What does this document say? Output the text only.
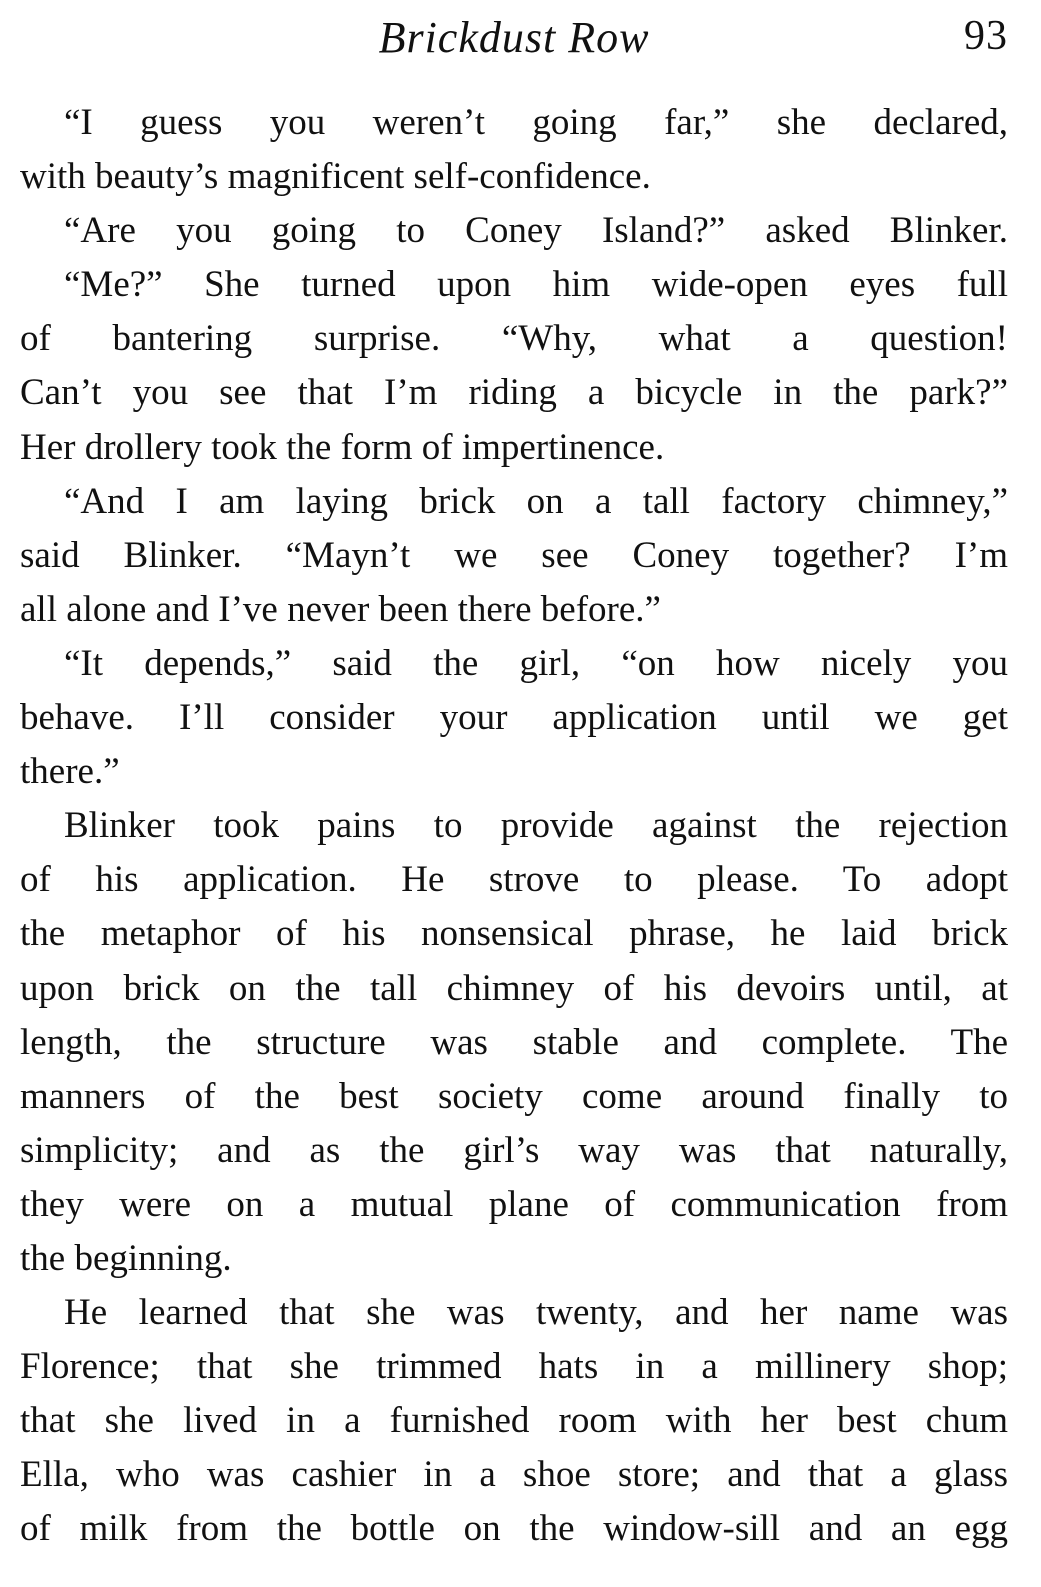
Brickdust Row	93
“I guess you weren’t going far,” she declared,
with beauty’s magnificent self-confidence.
“Are you going to Coney Island?” asked Blinker.
“Me?” She turned upon him wide-open eyes full
of bantering surprise. “Why, what a question!
Can’t you see that I’m riding a bicycle in the park?”
Her drollery took the form of impertinence.
“And I am laying brick on a tall factory chimney,”
said Blinker. “Mayn’t we see Coney together? I’m
all alone and I’ve never been there before.”
“It depends,” said the girl, “on how nicely you
behave. I’ll consider your application until we get
there.”
Blinker took pains to provide against the rejection
of his application. He strove to please. To adopt
the metaphor of his nonsensical phrase, he laid brick
upon brick on the tall chimney of his devoirs until, at
length, the structure was stable and complete. The
manners of the best society come around finally to
simplicity; and as the girl’s way was that naturally,
they were on a mutual plane of communication from
the beginning.
He learned that she was twenty, and her name was
Florence; that she trimmed hats in a millinery shop;
that she lived in a furnished room with her best chum
Ella, who was cashier in a shoe store; and that a glass
of milk from the bottle on the window-sill and an egg
